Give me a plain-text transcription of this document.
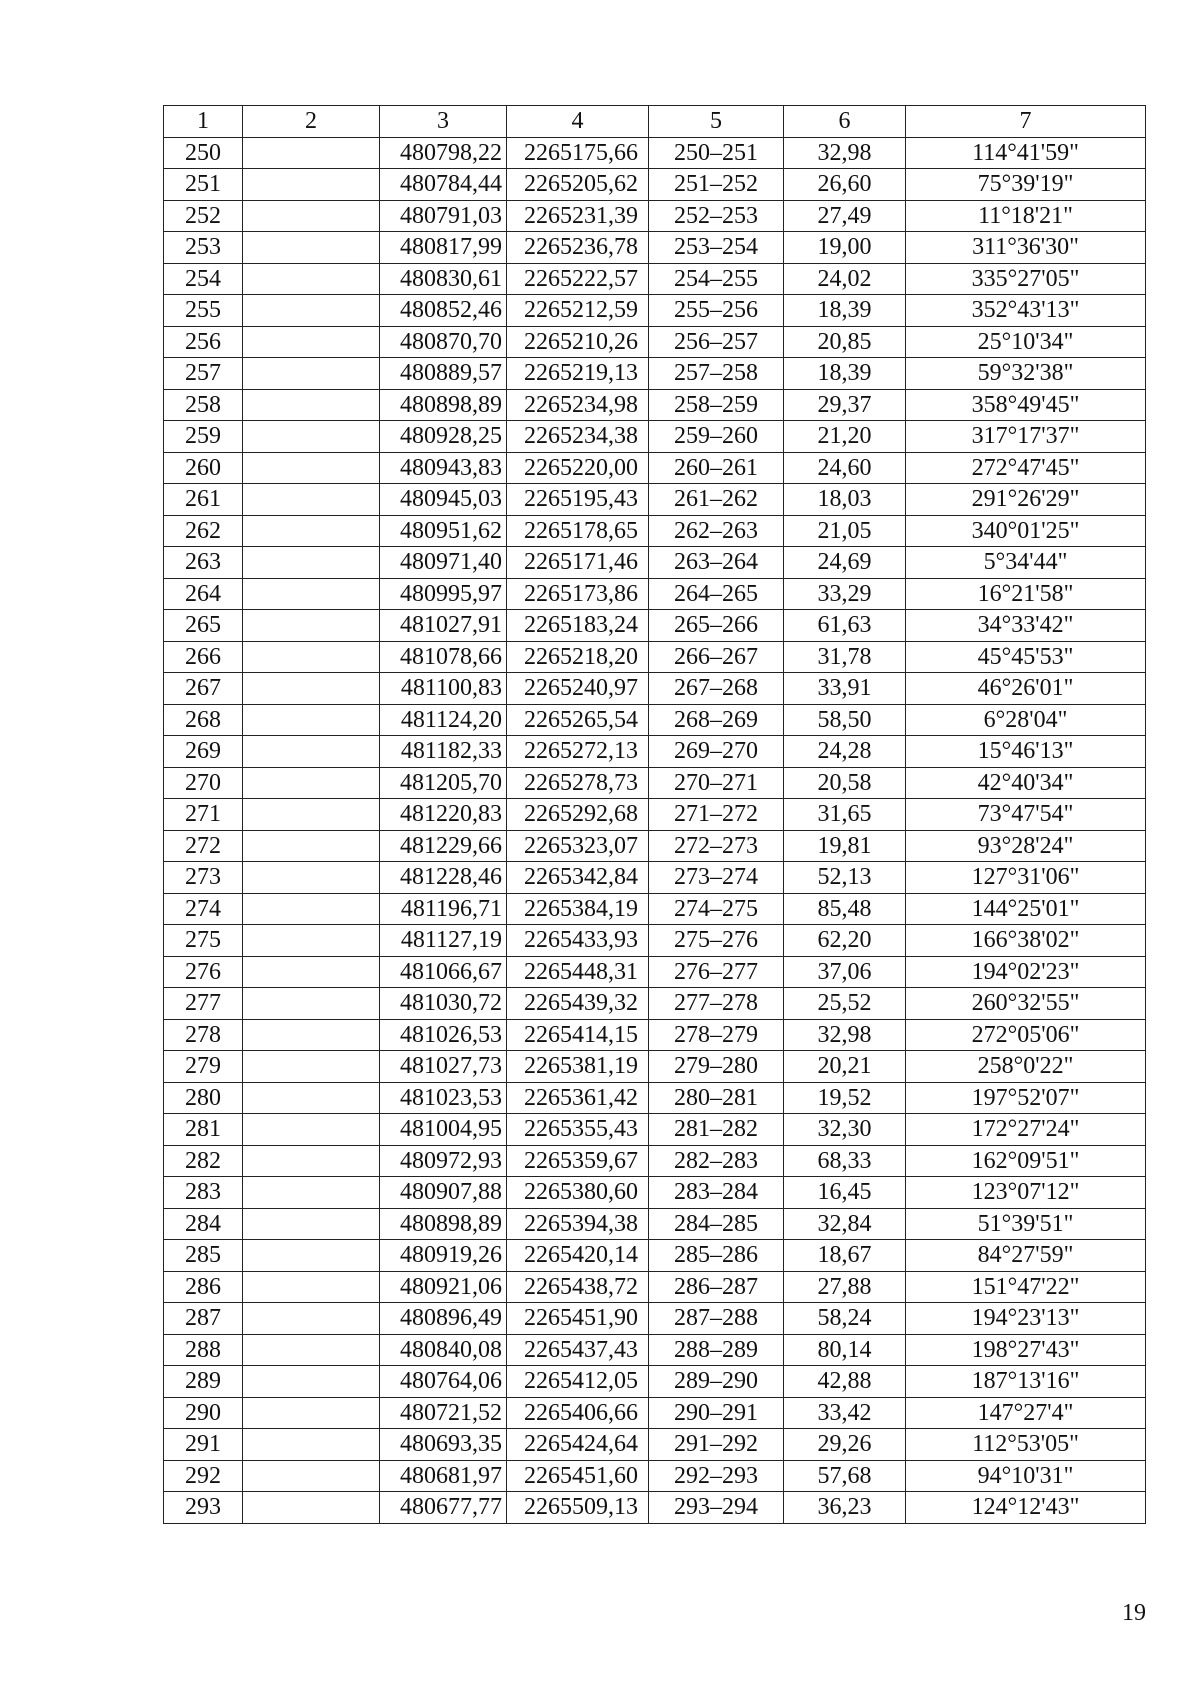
1	2	3	4	5	6	7
250		480798,22	2265175,66	250–251	32,98	114°41'59"
251		480784,44	2265205,62	251–252	26,60	75°39'19"
252		480791,03	2265231,39	252–253	27,49	11°18'21"
253		480817,99	2265236,78	253–254	19,00	311°36'30"
254		480830,61	2265222,57	254–255	24,02	335°27'05"
255		480852,46	2265212,59	255–256	18,39	352°43'13"
256		480870,70	2265210,26	256–257	20,85	25°10'34"
257		480889,57	2265219,13	257–258	18,39	59°32'38"
258		480898,89	2265234,98	258–259	29,37	358°49'45"
259		480928,25	2265234,38	259–260	21,20	317°17'37"
260		480943,83	2265220,00	260–261	24,60	272°47'45"
261		480945,03	2265195,43	261–262	18,03	291°26'29"
262		480951,62	2265178,65	262–263	21,05	340°01'25"
263		480971,40	2265171,46	263–264	24,69	5°34'44"
264		480995,97	2265173,86	264–265	33,29	16°21'58"
265		481027,91	2265183,24	265–266	61,63	34°33'42"
266		481078,66	2265218,20	266–267	31,78	45°45'53"
267		481100,83	2265240,97	267–268	33,91	46°26'01"
268		481124,20	2265265,54	268–269	58,50	6°28'04"
269		481182,33	2265272,13	269–270	24,28	15°46'13"
270		481205,70	2265278,73	270–271	20,58	42°40'34"
271		481220,83	2265292,68	271–272	31,65	73°47'54"
272		481229,66	2265323,07	272–273	19,81	93°28'24"
273		481228,46	2265342,84	273–274	52,13	127°31'06"
274		481196,71	2265384,19	274–275	85,48	144°25'01"
275		481127,19	2265433,93	275–276	62,20	166°38'02"
276		481066,67	2265448,31	276–277	37,06	194°02'23"
277		481030,72	2265439,32	277–278	25,52	260°32'55"
278		481026,53	2265414,15	278–279	32,98	272°05'06"
279		481027,73	2265381,19	279–280	20,21	258°0'22"
280		481023,53	2265361,42	280–281	19,52	197°52'07"
281		481004,95	2265355,43	281–282	32,30	172°27'24"
282		480972,93	2265359,67	282–283	68,33	162°09'51"
283		480907,88	2265380,60	283–284	16,45	123°07'12"
284		480898,89	2265394,38	284–285	32,84	51°39'51"
285		480919,26	2265420,14	285–286	18,67	84°27'59"
286		480921,06	2265438,72	286–287	27,88	151°47'22"
287		480896,49	2265451,90	287–288	58,24	194°23'13"
288		480840,08	2265437,43	288–289	80,14	198°27'43"
289		480764,06	2265412,05	289–290	42,88	187°13'16"
290		480721,52	2265406,66	290–291	33,42	147°27'4"
291		480693,35	2265424,64	291–292	29,26	112°53'05"
292		480681,97	2265451,60	292–293	57,68	94°10'31"
293		480677,77	2265509,13	293–294	36,23	124°12'43"
19
